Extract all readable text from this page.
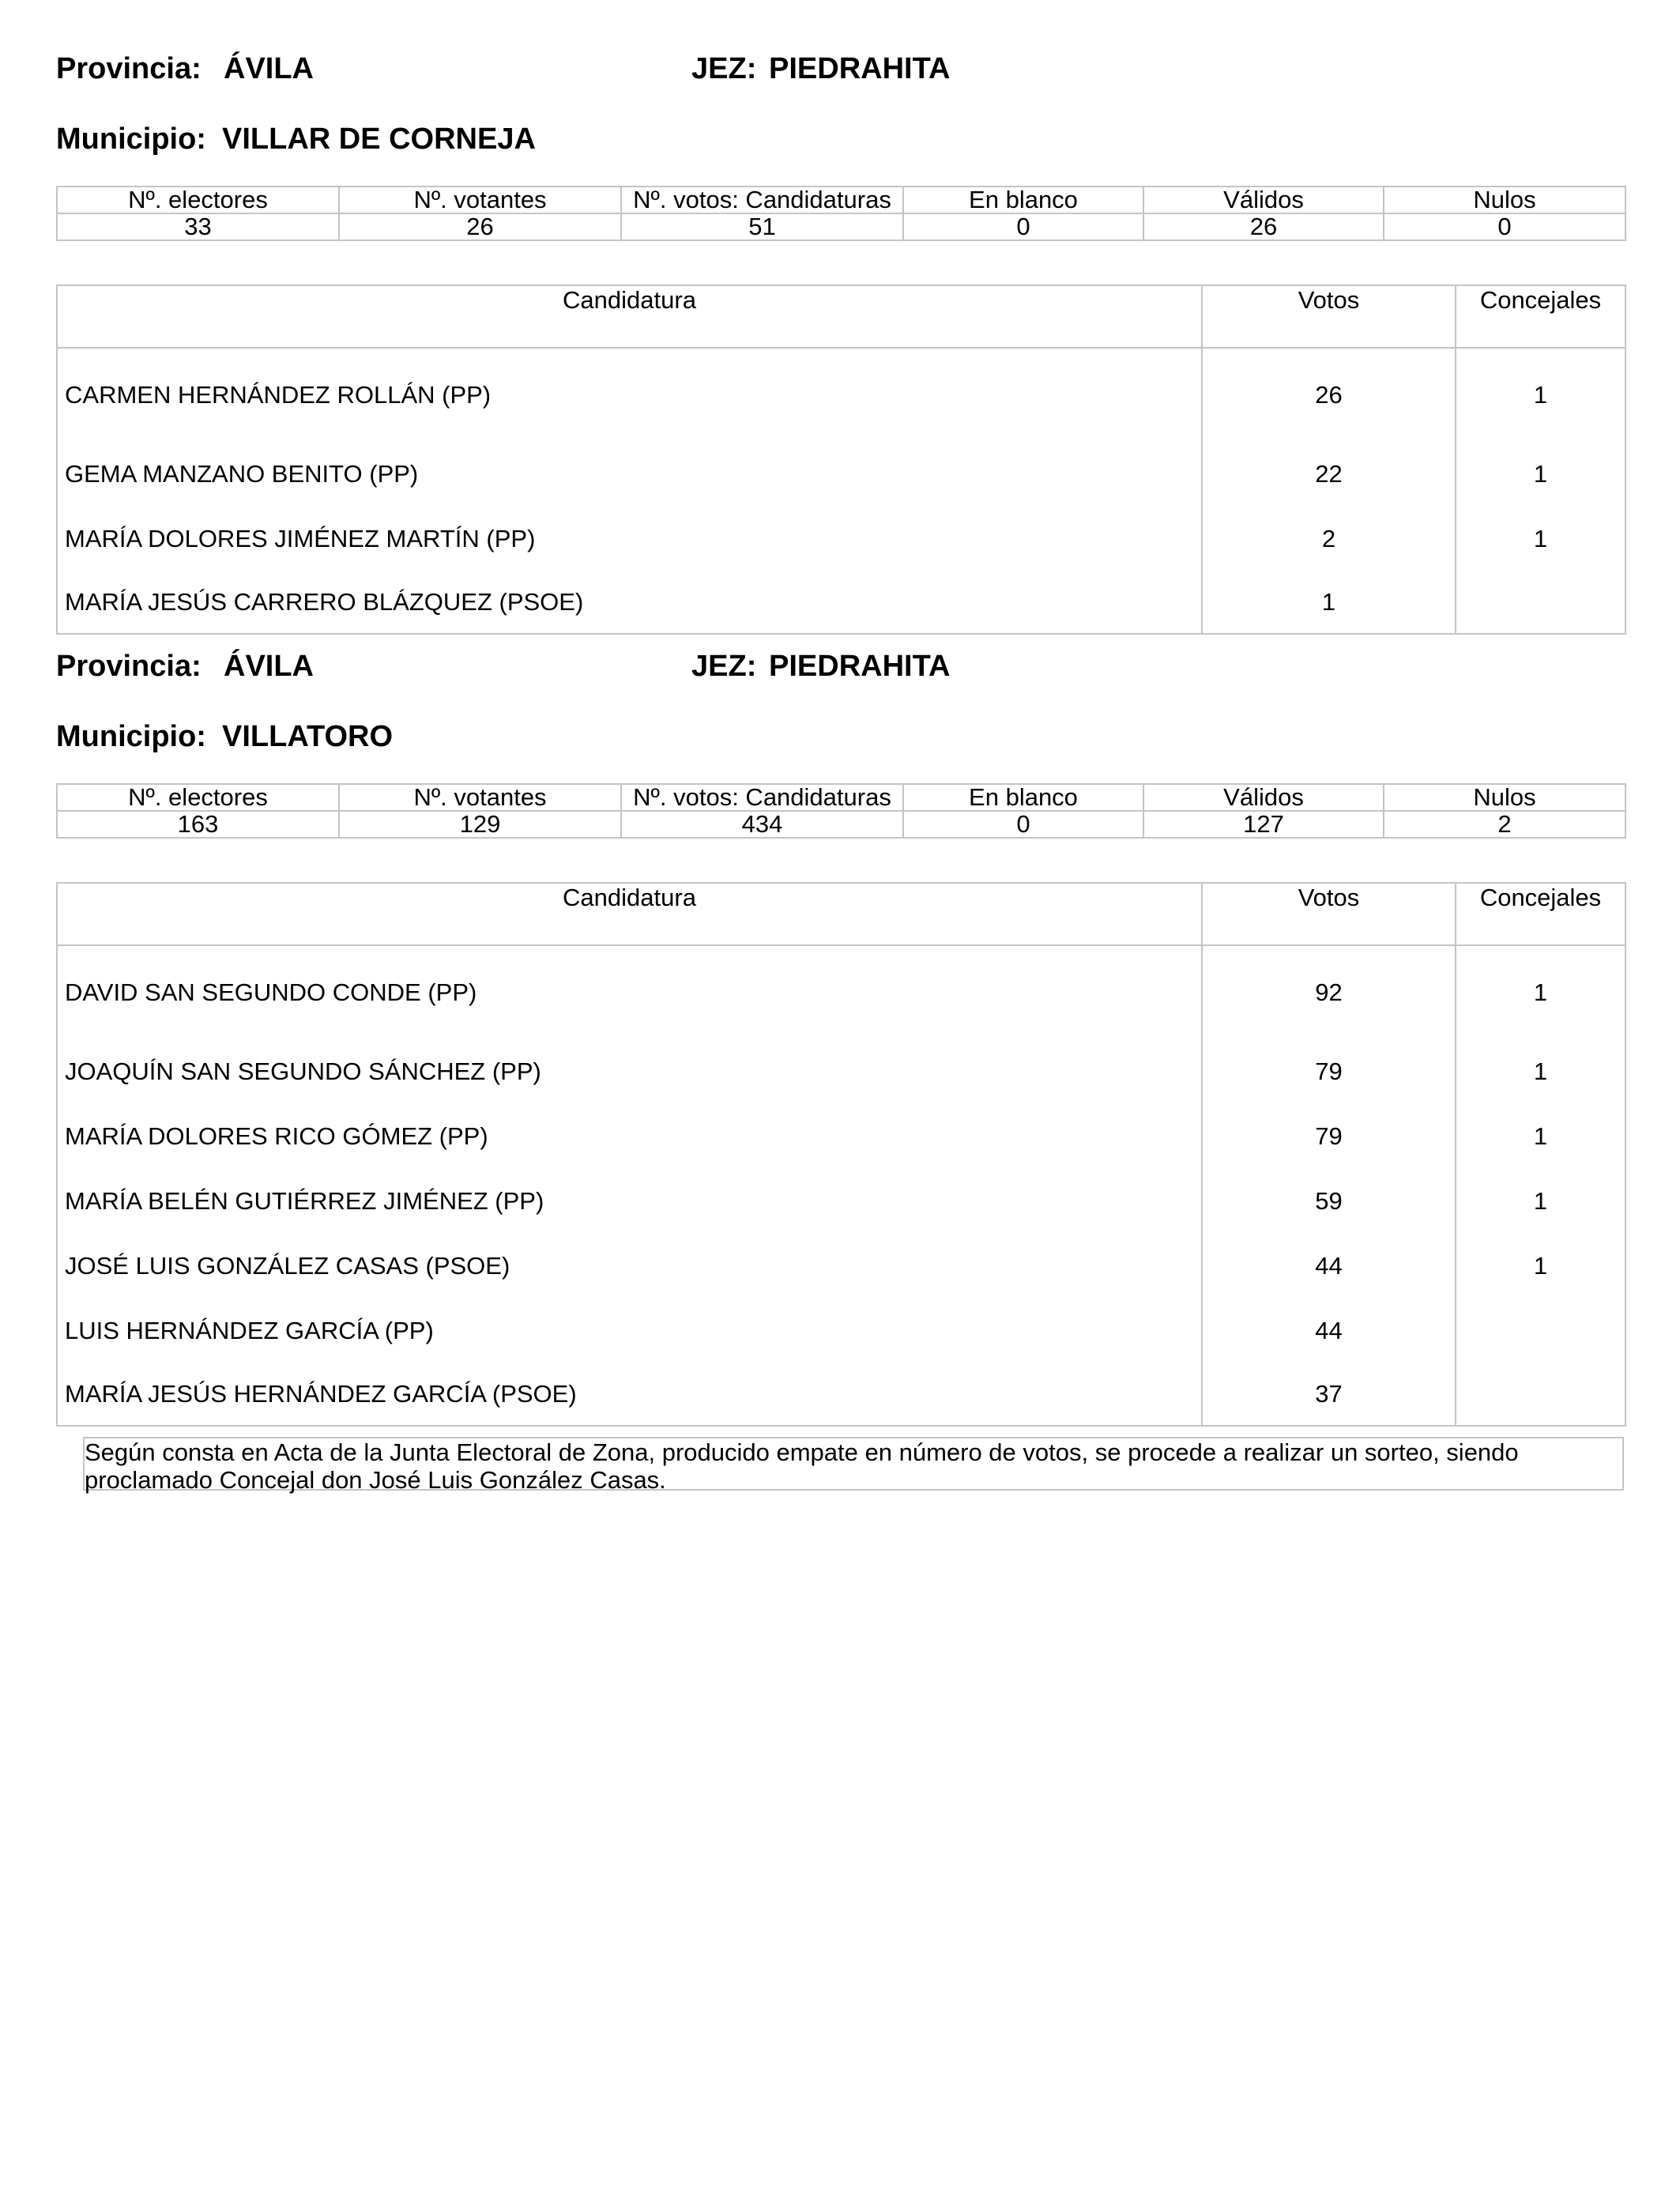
Provincia: ÁVILA	JEZ: PIEDRAHITA
Municipio: VILLAR DE CORNEJA
Nº. electores	Nº. votantes	Nº. votos: Candidaturas	En blanco	Válidos	Nulos
33	26	51	0	26	0
Candidatura	Votos	Concejales
CARMEN HERNÁNDEZ ROLLÁN (PP)	26	1
GEMA MANZANO BENITO (PP)	22	1
MARÍA DOLORES JIMÉNEZ MARTÍN (PP)	2	1
MARÍA JESÚS CARRERO BLÁZQUEZ (PSOE)	1	
Provincia: ÁVILA	JEZ: PIEDRAHITA
Municipio: VILLATORO
Nº. electores	Nº. votantes	Nº. votos: Candidaturas	En blanco	Válidos	Nulos
163	129	434	0	127	2
Candidatura	Votos	Concejales
DAVID SAN SEGUNDO CONDE (PP)	92	1
JOAQUÍN SAN SEGUNDO SÁNCHEZ (PP)	79	1
MARÍA DOLORES RICO GÓMEZ (PP)	79	1
MARÍA BELÉN GUTIÉRREZ JIMÉNEZ (PP)	59	1
JOSÉ LUIS GONZÁLEZ CASAS (PSOE)	44	1
LUIS HERNÁNDEZ GARCÍA (PP)	44	
MARÍA JESÚS HERNÁNDEZ GARCÍA (PSOE)	37	
Según consta en Acta de la Junta Electoral de Zona, producido empate en número de votos, se procede a realizar un sorteo, siendo
proclamado Concejal don José Luis González Casas.
